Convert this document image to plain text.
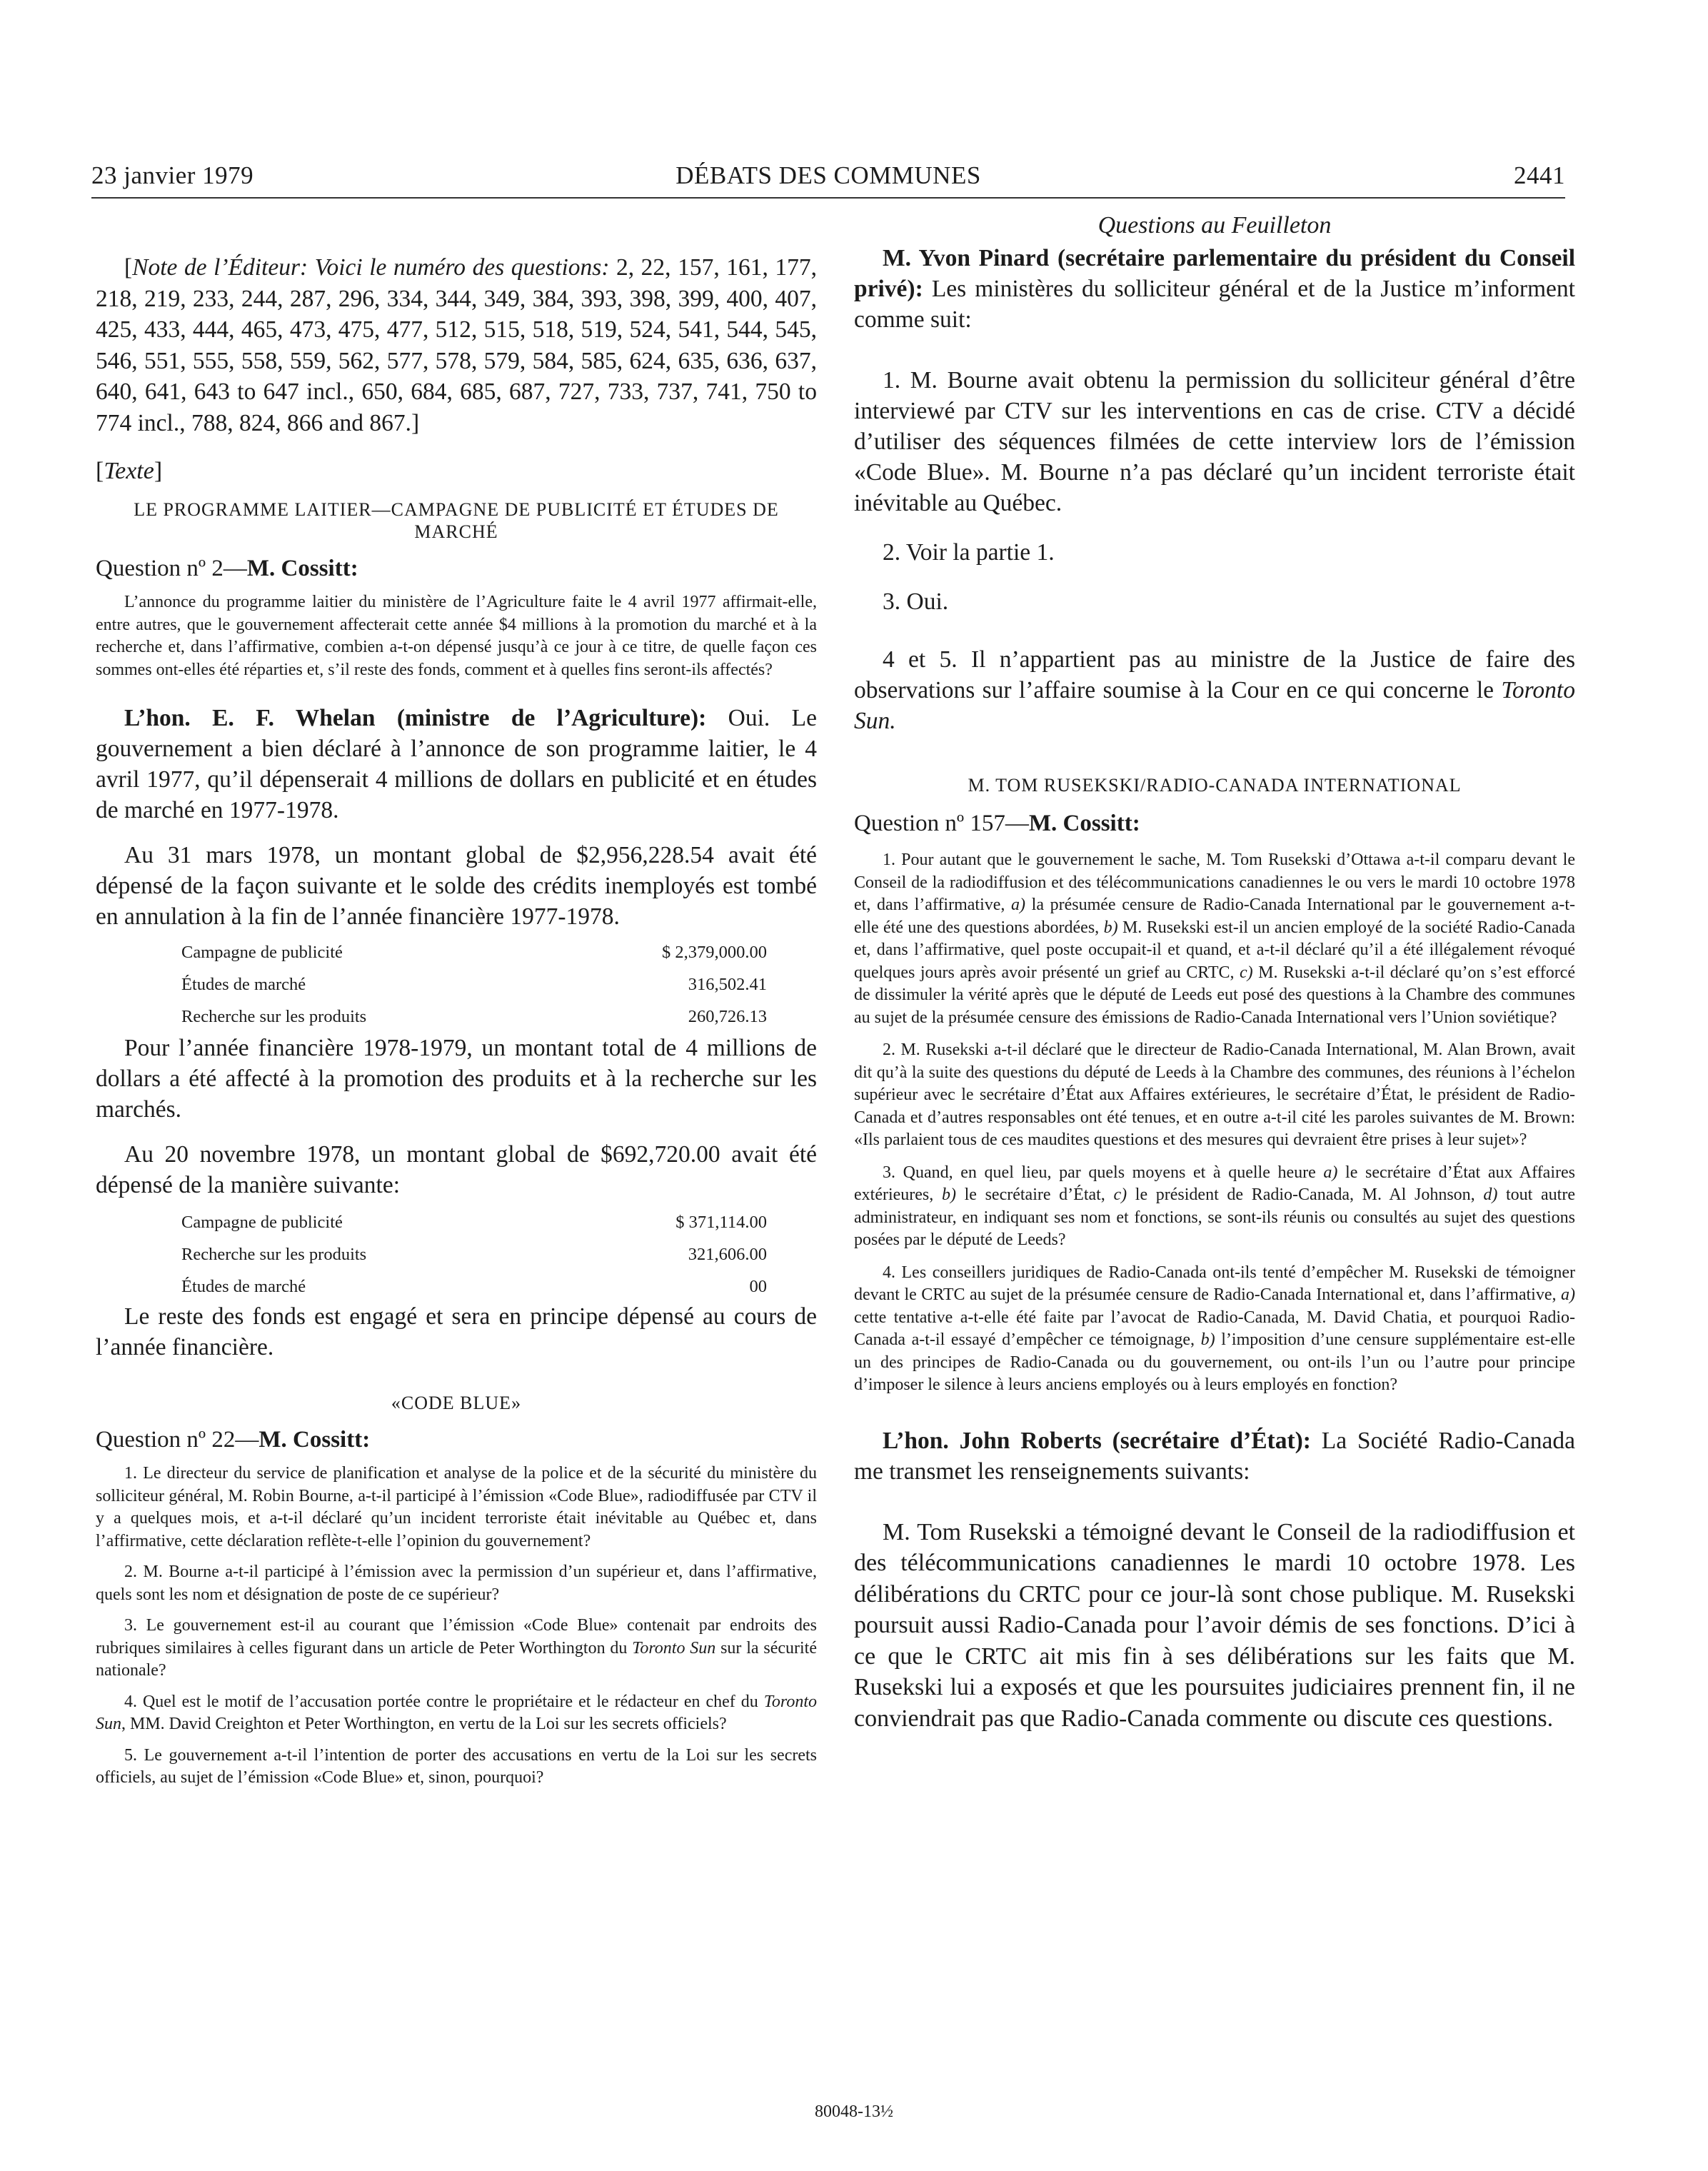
23 janvier 1979	DÉBATS DES COMMUNES	2441

[Note de l’Éditeur: Voici le numéro des questions: 2, 22, 157, 161, 177, 218, 219, 233, 244, 287, 296, 334, 344, 349, 384, 393, 398, 399, 400, 407, 425, 433, 444, 465, 473, 475, 477, 512, 515, 518, 519, 524, 541, 544, 545, 546, 551, 555, 558, 559, 562, 577, 578, 579, 584, 585, 624, 635, 636, 637, 640, 641, 643 to 647 incl., 650, 684, 685, 687, 727, 733, 737, 741, 750 to 774 incl., 788, 824, 866 and 867.]

[Texte]

LE PROGRAMME LAITIER—CAMPAGNE DE PUBLICITÉ ET ÉTUDES DE MARCHÉ

Question nº 2—M. Cossitt:

L’annonce du programme laitier du ministère de l’Agriculture faite le 4 avril 1977 affirmait-elle, entre autres, que le gouvernement affecterait cette année $4 millions à la promotion du marché et à la recherche et, dans l’affirmative, combien a-t-on dépensé jusqu’à ce jour à ce titre, de quelle façon ces sommes ont-elles été réparties et, s’il reste des fonds, comment et à quelles fins seront-ils affectés?

L’hon. E. F. Whelan (ministre de l’Agriculture): Oui. Le gouvernement a bien déclaré à l’annonce de son programme laitier, le 4 avril 1977, qu’il dépenserait 4 millions de dollars en publicité et en études de marché en 1977-1978.

Au 31 mars 1978, un montant global de $2,956,228.54 avait été dépensé de la façon suivante et le solde des crédits inemployés est tombé en annulation à la fin de l’année financière 1977-1978.

Campagne de publicité	$ 2,379,000.00
Études de marché	316,502.41
Recherche sur les produits	260,726.13

Pour l’année financière 1978-1979, un montant total de 4 millions de dollars a été affecté à la promotion des produits et à la recherche sur les marchés.

Au 20 novembre 1978, un montant global de $692,720.00 avait été dépensé de la manière suivante:

Campagne de publicité	$ 371,114.00
Recherche sur les produits	321,606.00
Études de marché	00

Le reste des fonds est engagé et sera en principe dépensé au cours de l’année financière.

«CODE BLUE»

Question nº 22—M. Cossitt:

1. Le directeur du service de planification et analyse de la police et de la sécurité du ministère du solliciteur général, M. Robin Bourne, a-t-il participé à l’émission «Code Blue», radiodiffusée par CTV il y a quelques mois, et a-t-il déclaré qu’un incident terroriste était inévitable au Québec et, dans l’affirmative, cette déclaration reflète-t-elle l’opinion du gouvernement?

2. M. Bourne a-t-il participé à l’émission avec la permission d’un supérieur et, dans l’affirmative, quels sont les nom et désignation de poste de ce supérieur?

3. Le gouvernement est-il au courant que l’émission «Code Blue» contenait par endroits des rubriques similaires à celles figurant dans un article de Peter Worthington du Toronto Sun sur la sécurité nationale?

4. Quel est le motif de l’accusation portée contre le propriétaire et le rédacteur en chef du Toronto Sun, MM. David Creighton et Peter Worthington, en vertu de la Loi sur les secrets officiels?

5. Le gouvernement a-t-il l’intention de porter des accusations en vertu de la Loi sur les secrets officiels, au sujet de l’émission «Code Blue» et, sinon, pourquoi?

Questions au Feuilleton

M. Yvon Pinard (secrétaire parlementaire du président du Conseil privé): Les ministères du solliciteur général et de la Justice m’informent comme suit:

1. M. Bourne avait obtenu la permission du solliciteur général d’être interviewé par CTV sur les interventions en cas de crise. CTV a décidé d’utiliser des séquences filmées de cette interview lors de l’émission «Code Blue». M. Bourne n’a pas déclaré qu’un incident terroriste était inévitable au Québec.

2. Voir la partie 1.

3. Oui.

4 et 5. Il n’appartient pas au ministre de la Justice de faire des observations sur l’affaire soumise à la Cour en ce qui concerne le Toronto Sun.

M. TOM RUSEKSKI/RADIO-CANADA INTERNATIONAL

Question nº 157—M. Cossitt:

1. Pour autant que le gouvernement le sache, M. Tom Rusekski d’Ottawa a-t-il comparu devant le Conseil de la radiodiffusion et des télécommunications canadiennes le ou vers le mardi 10 octobre 1978 et, dans l’affirmative, a) la présumée censure de Radio-Canada International par le gouvernement a-t-elle été une des questions abordées, b) M. Rusekski est-il un ancien employé de la société Radio-Canada et, dans l’affirmative, quel poste occupait-il et quand, et a-t-il déclaré qu’il a été illégalement révoqué quelques jours après avoir présenté un grief au CRTC, c) M. Rusekski a-t-il déclaré qu’on s’est efforcé de dissimuler la vérité après que le député de Leeds eut posé des questions à la Chambre des communes au sujet de la présumée censure des émissions de Radio-Canada International vers l’Union soviétique?

2. M. Rusekski a-t-il déclaré que le directeur de Radio-Canada International, M. Alan Brown, avait dit qu’à la suite des questions du député de Leeds à la Chambre des communes, des réunions à l’échelon supérieur avec le secrétaire d’État aux Affaires extérieures, le secrétaire d’État, le président de Radio-Canada et d’autres responsables ont été tenues, et en outre a-t-il cité les paroles suivantes de M. Brown: «Ils parlaient tous de ces maudites questions et des mesures qui devraient être prises à leur sujet»?

3. Quand, en quel lieu, par quels moyens et à quelle heure a) le secrétaire d’État aux Affaires extérieures, b) le secrétaire d’État, c) le président de Radio-Canada, M. Al Johnson, d) tout autre administrateur, en indiquant ses nom et fonctions, se sont-ils réunis ou consultés au sujet des questions posées par le député de Leeds?

4. Les conseillers juridiques de Radio-Canada ont-ils tenté d’empêcher M. Rusekski de témoigner devant le CRTC au sujet de la présumée censure de Radio-Canada International et, dans l’affirmative, a) cette tentative a-t-elle été faite par l’avocat de Radio-Canada, M. David Chatia, et pourquoi Radio-Canada a-t-il essayé d’empêcher ce témoignage, b) l’imposition d’une censure supplémentaire est-elle un des principes de Radio-Canada ou du gouvernement, ou ont-ils l’un ou l’autre pour principe d’imposer le silence à leurs anciens employés ou à leurs employés en fonction?

L’hon. John Roberts (secrétaire d’État): La Société Radio-Canada me transmet les renseignements suivants:

M. Tom Rusekski a témoigné devant le Conseil de la radiodiffusion et des télécommunications canadiennes le mardi 10 octobre 1978. Les délibérations du CRTC pour ce jour-là sont chose publique. M. Rusekski poursuit aussi Radio-Canada pour l’avoir démis de ses fonctions. D’ici à ce que le CRTC ait mis fin à ses délibérations sur les faits que M. Rusekski lui a exposés et que les poursuites judiciaires prennent fin, il ne conviendrait pas que Radio-Canada commente ou discute ces questions.

80048-13½
